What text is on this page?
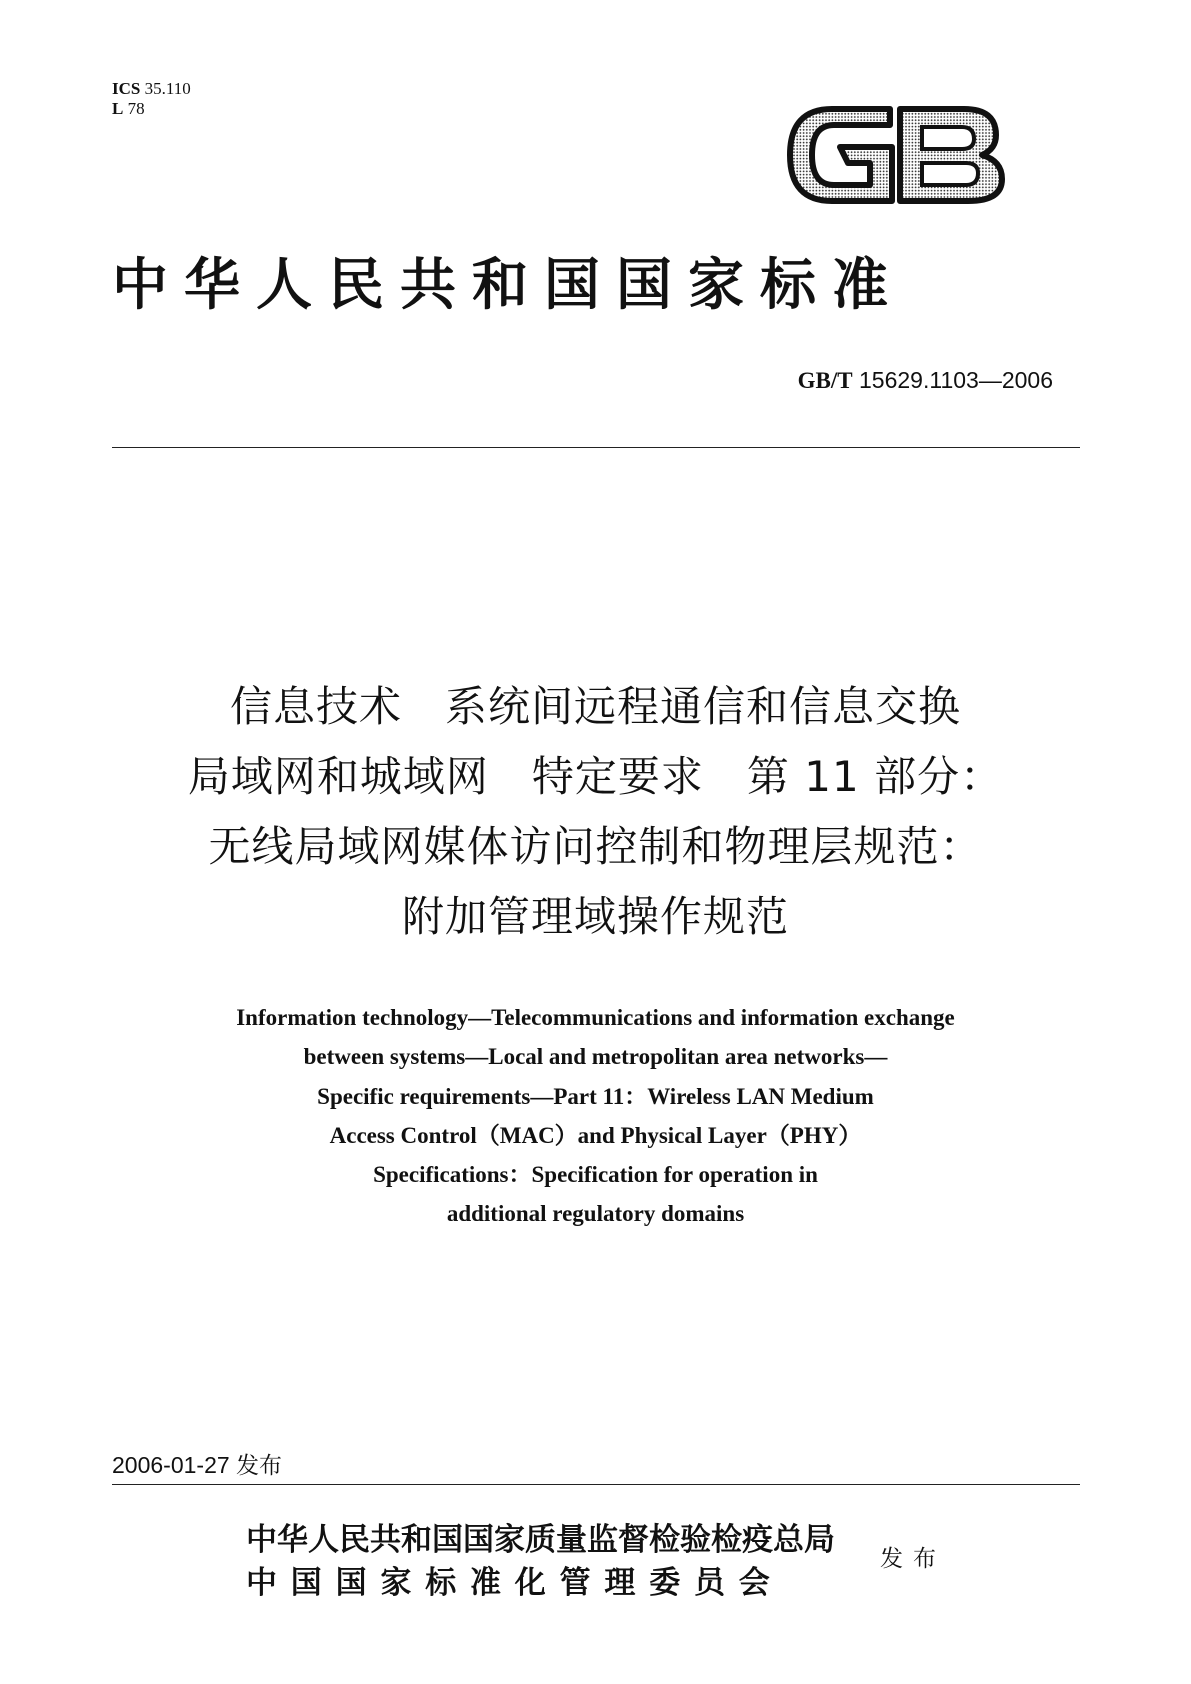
ICS 35.110
L 78
中华人民共和国国家标准
GB/T 15629.1103—2006
信息技术　系统间远程通信和信息交换
局域网和城域网　特定要求　第 11 部分：
无线局域网媒体访问控制和物理层规范：
附加管理域操作规范
Information technology—Telecommunications and information exchange
between systems—Local and metropolitan area networks—
Specific requirements—Part 11：Wireless LAN Medium
Access Control（MAC）and Physical Layer（PHY）
Specifications：Specification for operation in
additional regulatory domains
2006-01-27 发布
中华人民共和国国家质量监督检验检疫总局
中国国家标准化管理委员会
发布
